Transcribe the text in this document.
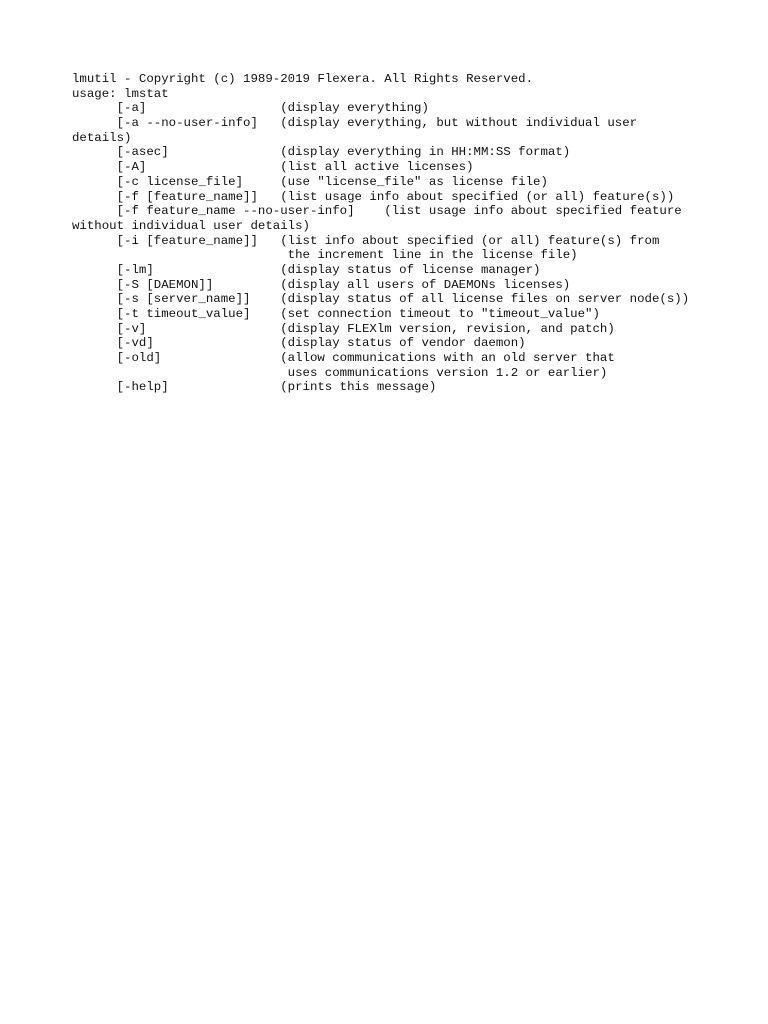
lmutil - Copyright (c) 1989-2019 Flexera. All Rights Reserved.
usage: lmstat
[-a]                  (display everything)
[-a --no-user-info]   (display everything, but without individual user
details)
[-asec]               (display everything in HH:MM:SS format)
[-A]                  (list all active licenses)
[-c license_file]     (use "license_file" as license file)
[-f [feature_name]]   (list usage info about specified (or all) feature(s))
[-f feature_name --no-user-info]    (list usage info about specified feature
without individual user details)
[-i [feature_name]]   (list info about specified (or all) feature(s) from
the increment line in the license file)
[-lm]                 (display status of license manager)
[-S [DAEMON]]         (display all users of DAEMONs licenses)
[-s [server_name]]    (display status of all license files on server node(s))
[-t timeout_value]    (set connection timeout to "timeout_value")
[-v]                  (display FLEXlm version, revision, and patch)
[-vd]                 (display status of vendor daemon)
[-old]                (allow communications with an old server that
uses communications version 1.2 or earlier)
[-help]               (prints this message)
